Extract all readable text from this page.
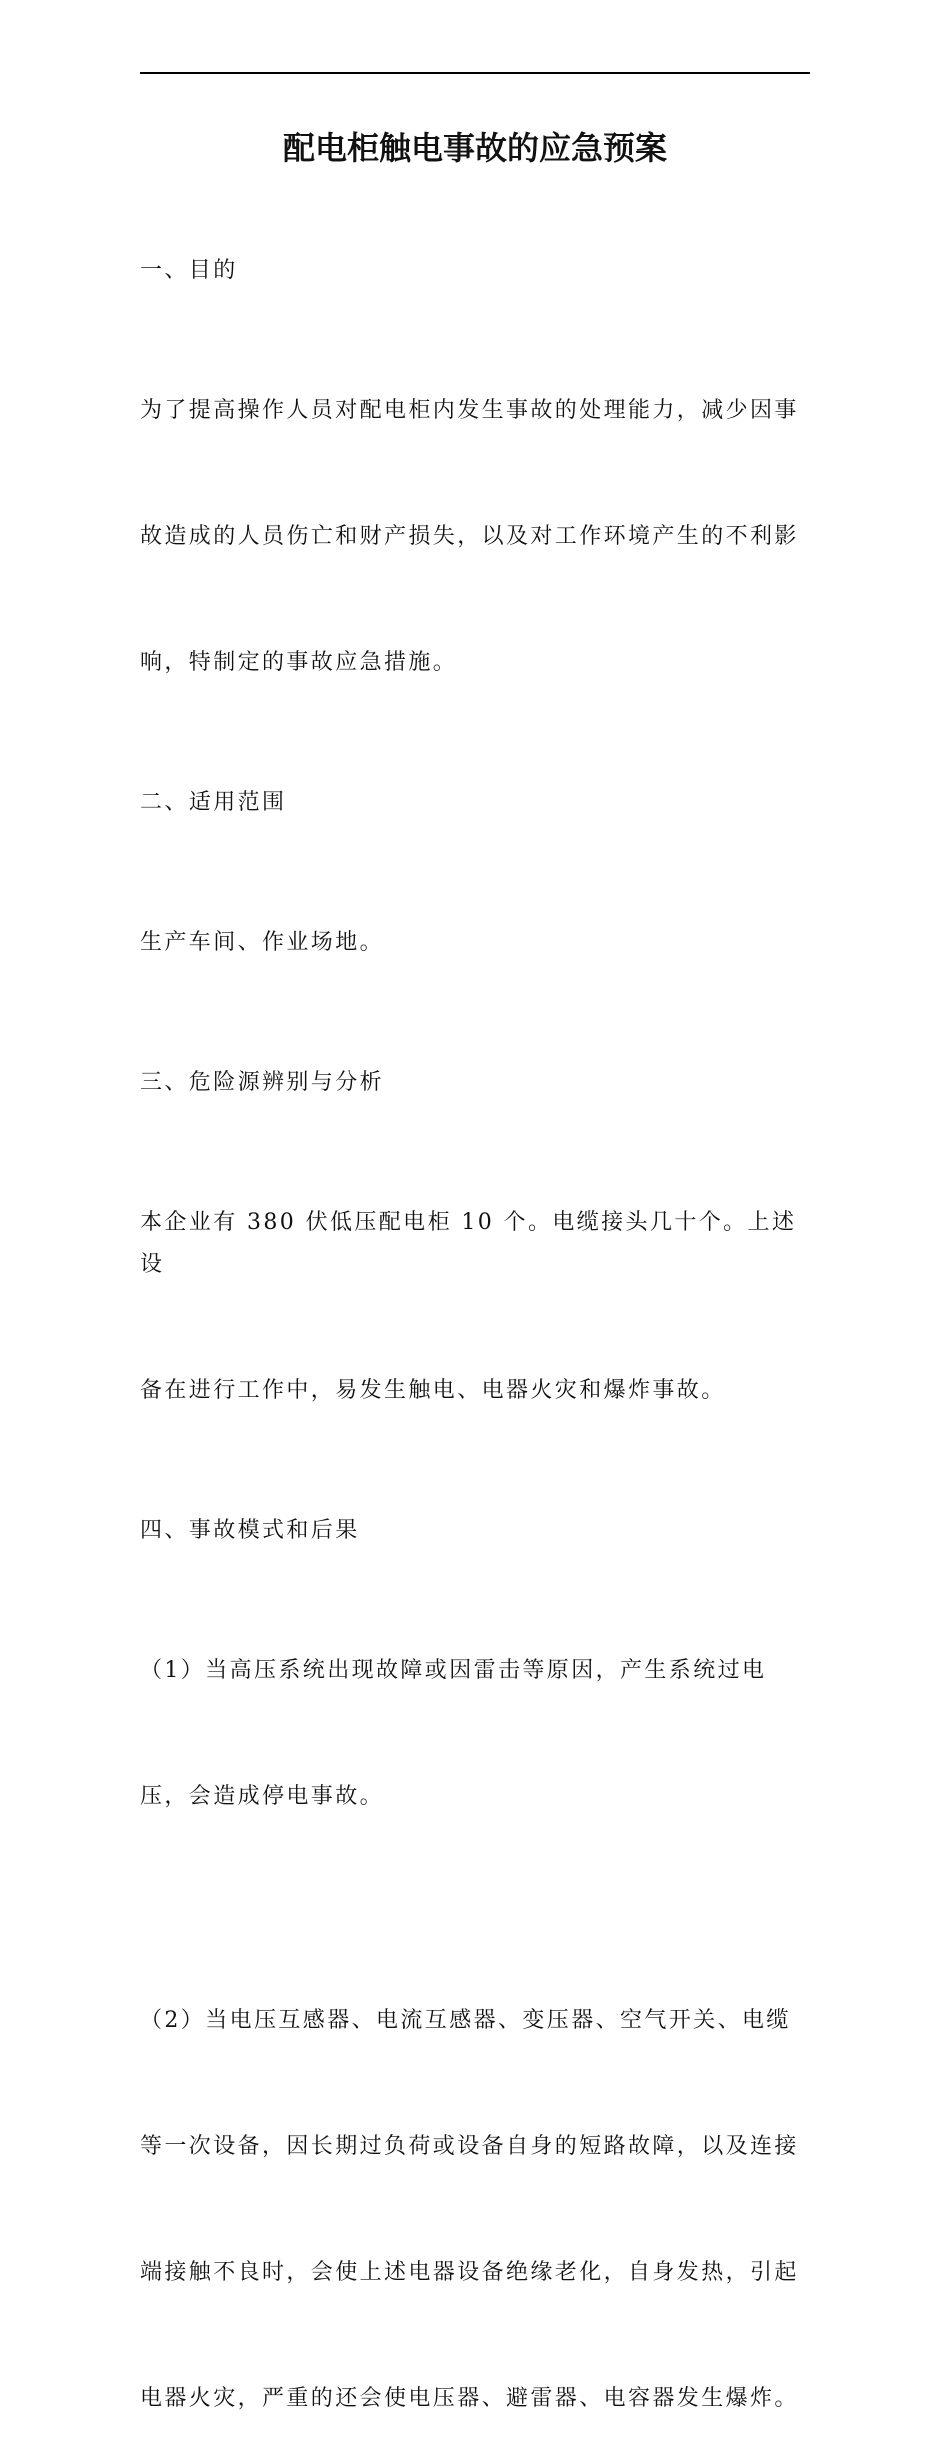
配电柜触电事故的应急预案

一、目的

为了提高操作人员对配电柜内发生事故的处理能力，减少因事

故造成的人员伤亡和财产损失，以及对工作环境产生的不利影

响，特制定的事故应急措施。

二、适用范围

生产车间、作业场地。

三、危险源辨别与分析

本企业有 380 伏低压配电柜 10 个。电缆接头几十个。上述设

备在进行工作中，易发生触电、电器火灾和爆炸事故。

四、事故模式和后果

（1）当高压系统出现故障或因雷击等原因，产生系统过电

压，会造成停电事故。

（2）当电压互感器、电流互感器、变压器、空气开关、电缆

等一次设备，因长期过负荷或设备自身的短路故障，以及连接

端接触不良时，会使上述电器设备绝缘老化，自身发热，引起

电器火灾，严重的还会使电压器、避雷器、电容器发生爆炸。
